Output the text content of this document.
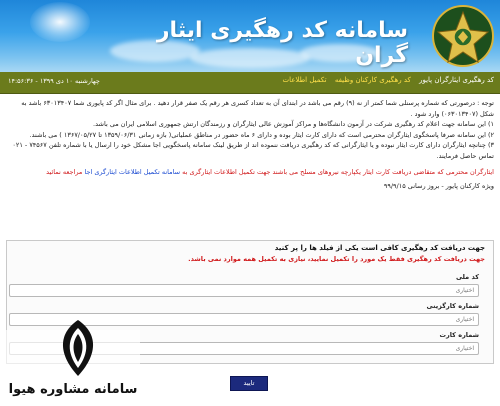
سامانه کد رهگیری ایثار گران
کد رهگیری ایثارگران پایور کد رهگیری کارکنان وظیفه تکمیل اطلاعات
چهارشنبه ۱۰ دی ۱۳۹۹ - ۱۴:۵۶:۳۶
توجه : درصورتی که شماره پرسنلی شما کمتر از نه (۹) رقم می باشد در ابتدای آن به تعداد کسری هر رقم یک صفر قرار دهید . برای مثال اگر کد پایوری شما ۶۳۰۱۳۴۰۷ باشد به شکل (۰۶۳۰۱۳۴۰۷) وارد شود .
۱) این سامانه جهت اعلام کد رهگیری شرکت در آزمون دانشگاه‌ها و مراکز آموزش عالی ایثارگران و رزمندگان ارتش جمهوری اسلامی ایران می باشد.
۲) این سامانه صرفا پاسخگوی ایثارگران محترمی است که دارای کارت ایثار بوده و دارای ۶ ماه حضور در مناطق عملیاتی( بازه زمانی ۱۳۵۹/۰۶/۳۱ تا ۱۳۶۷/۰۵/۲۷ ) می باشند.
۳) چنانچه ایثارگران دارای کارت ایثار نبوده و یا ایثارگرانی که کد رهگیری دریافت ننموده اند از طریق لینک سامانه پاسخگویی اجا مشکل خود را ارسال یا با شماره تلفن ۷۴۵۶۷ - ۰۲۱ تماس حاصل فرمایند.
ایثارگران محترمی که متقاضی دریافت کارت ایثار یکپارچه نیروهای مسلح می باشند جهت تکمیل اطلاعات ایثارگری به سامانه تکمیل اطلاعات ایثارگری اجا مراجعه نمائید
ویژه کارکنان پایور - بروز رسانی ۹۹/۹/۱۵
جهت دریافت کد رهگیری کافی است یکی از فیلد ها را پر کنید
جهت دریافت کد رهگیری فقط یک مورد را تکمیل نمایید، نیازی به تکمیل همه موارد نمی باشد.
کد ملی
اختیاری
شماره کارگزینی
اختیاری
شماره کارت
اختیاری
تایید
سامانه مشاوره هیوا
